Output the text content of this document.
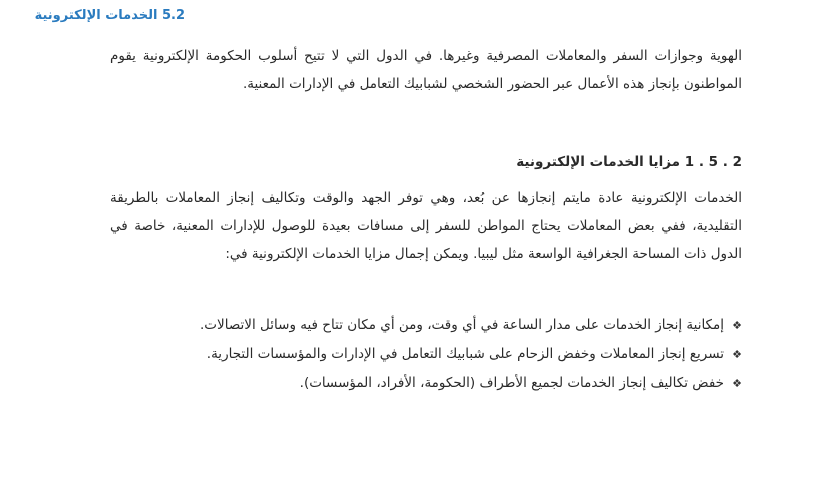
5.2 الخدمات الإلكترونية

الهوية وجوازات السفر والمعاملات المصرفية وغيرها. في الدول التي لا تتيح أسلوب الحكومة الإلكترونية يقوم المواطنون بإنجاز هذه الأعمال عبر الحضور الشخصي لشبابيك التعامل في الإدارات المعنية.

2 . 5 . 1 مزايا الخدمات الإلكترونية

الخدمات الإلكترونية عادة مايتم إنجازها عن بُعد، وهي توفر الجهد والوقت وتكاليف إنجاز المعاملات بالطريقة التقليدية، ففي بعض المعاملات يحتاج المواطن للسفر إلى مسافات بعيدة للوصول للإدارات المعنية، خاصة في الدول ذات المساحة الجغرافية الواسعة مثل ليبيا. ويمكن إجمال مزايا الخدمات الإلكترونية في:

❖
إمكانية إنجاز الخدمات على مدار الساعة في أي وقت، ومن أي مكان تتاح فيه وسائل الاتصالات.
❖
تسريع إنجاز المعاملات وخفض الزحام على شبابيك التعامل في الإدارات والمؤسسات التجارية.
❖
خفض تكاليف إنجاز الخدمات لجميع الأطراف (الحكومة، الأفراد، المؤسسات).
